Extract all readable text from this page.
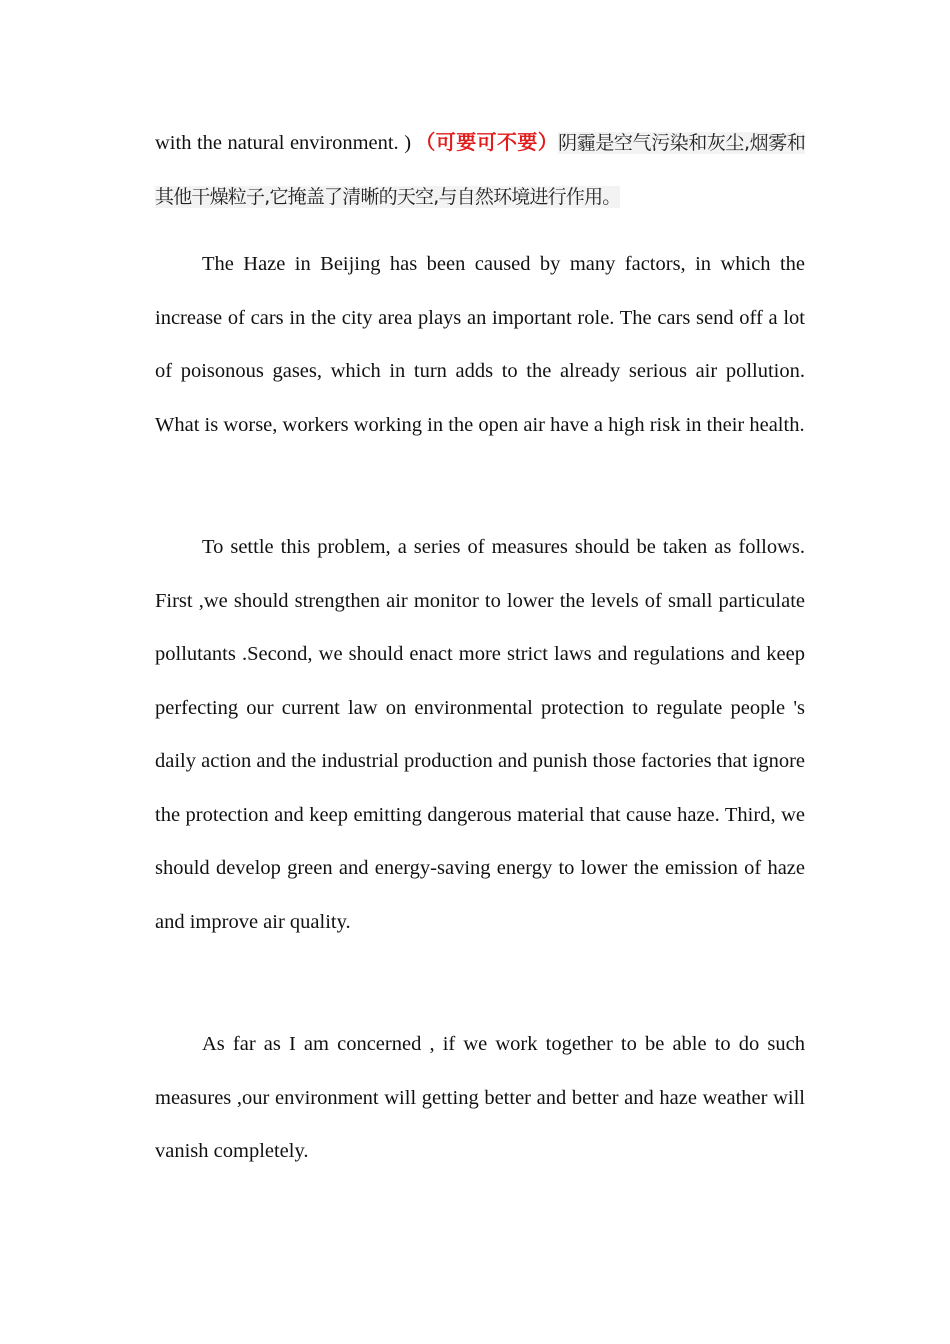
with the natural environment. ) （可要可不要）阴霾是空气污染和灰尘,烟雾和其他干燥粒子,它掩盖了清晰的天空,与自然环境进行作用。

The Haze in Beijing has been caused by many factors, in which the increase of cars in the city area plays an important role. The cars send off a lot of poisonous gases, which in turn adds to the already serious air pollution. What is worse, workers working in the open air have a high risk in their health.

To settle this problem, a series of measures should be taken as follows. First ,we should strengthen air monitor to lower the levels of small particulate pollutants .Second, we should enact more strict laws and regulations and keep perfecting our current law on environmental protection to regulate people 's daily action and the industrial production and punish those factories that ignore the protection and keep emitting dangerous material that cause haze. Third, we should develop green and energy-saving energy to lower the emission of haze and improve air quality.

As far as I am concerned , if we work together to be able to do such measures ,our environment will getting better and better and haze weather will vanish completely.
